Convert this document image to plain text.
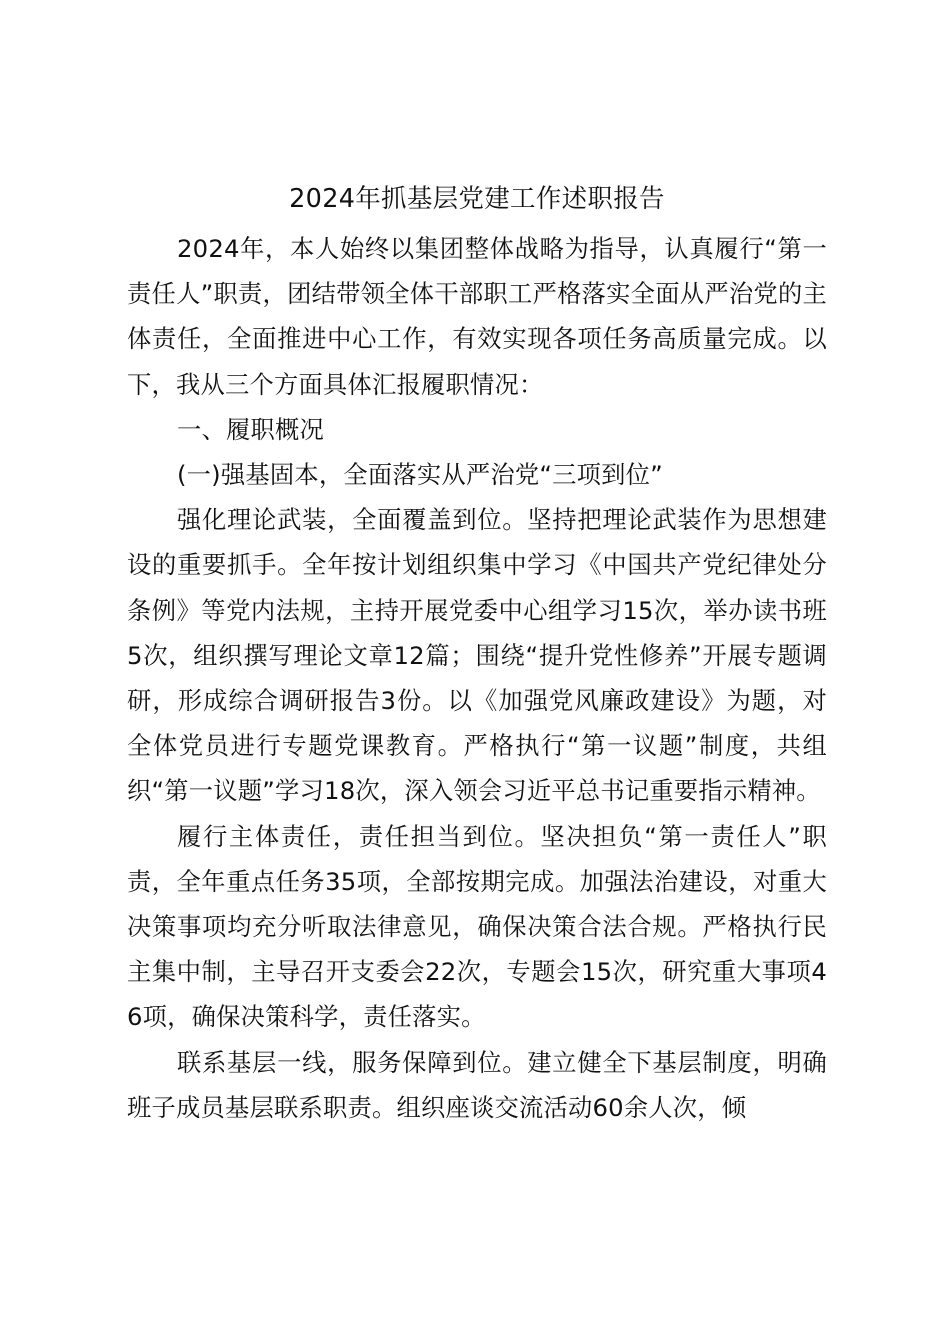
2024年抓基层党建工作述职报告

2024年，本人始终以集团整体战略为指导，认真履行“第一责任人”职责，团结带领全体干部职工严格落实全面从严治党的主体责任，全面推进中心工作，有效实现各项任务高质量完成。以下，我从三个方面具体汇报履职情况：

一、履职概况

(一)强基固本，全面落实从严治党“三项到位”

强化理论武装，全面覆盖到位。坚持把理论武装作为思想建设的重要抓手。全年按计划组织集中学习《中国共产党纪律处分条例》等党内法规，主持开展党委中心组学习15次，举办读书班5次，组织撰写理论文章12篇；围绕“提升党性修养”开展专题调研，形成综合调研报告3份。以《加强党风廉政建设》为题，对全体党员进行专题党课教育。严格执行“第一议题”制度，共组织“第一议题”学习18次，深入领会习近平总书记重要指示精神。

履行主体责任，责任担当到位。坚决担负“第一责任人”职责，全年重点任务35项，全部按期完成。加强法治建设，对重大决策事项均充分听取法律意见，确保决策合法合规。严格执行民主集中制，主导召开支委会22次，专题会15次，研究重大事项46项，确保决策科学，责任落实。

联系基层一线，服务保障到位。建立健全下基层制度，明确班子成员基层联系职责。组织座谈交流活动60余人次，倾
